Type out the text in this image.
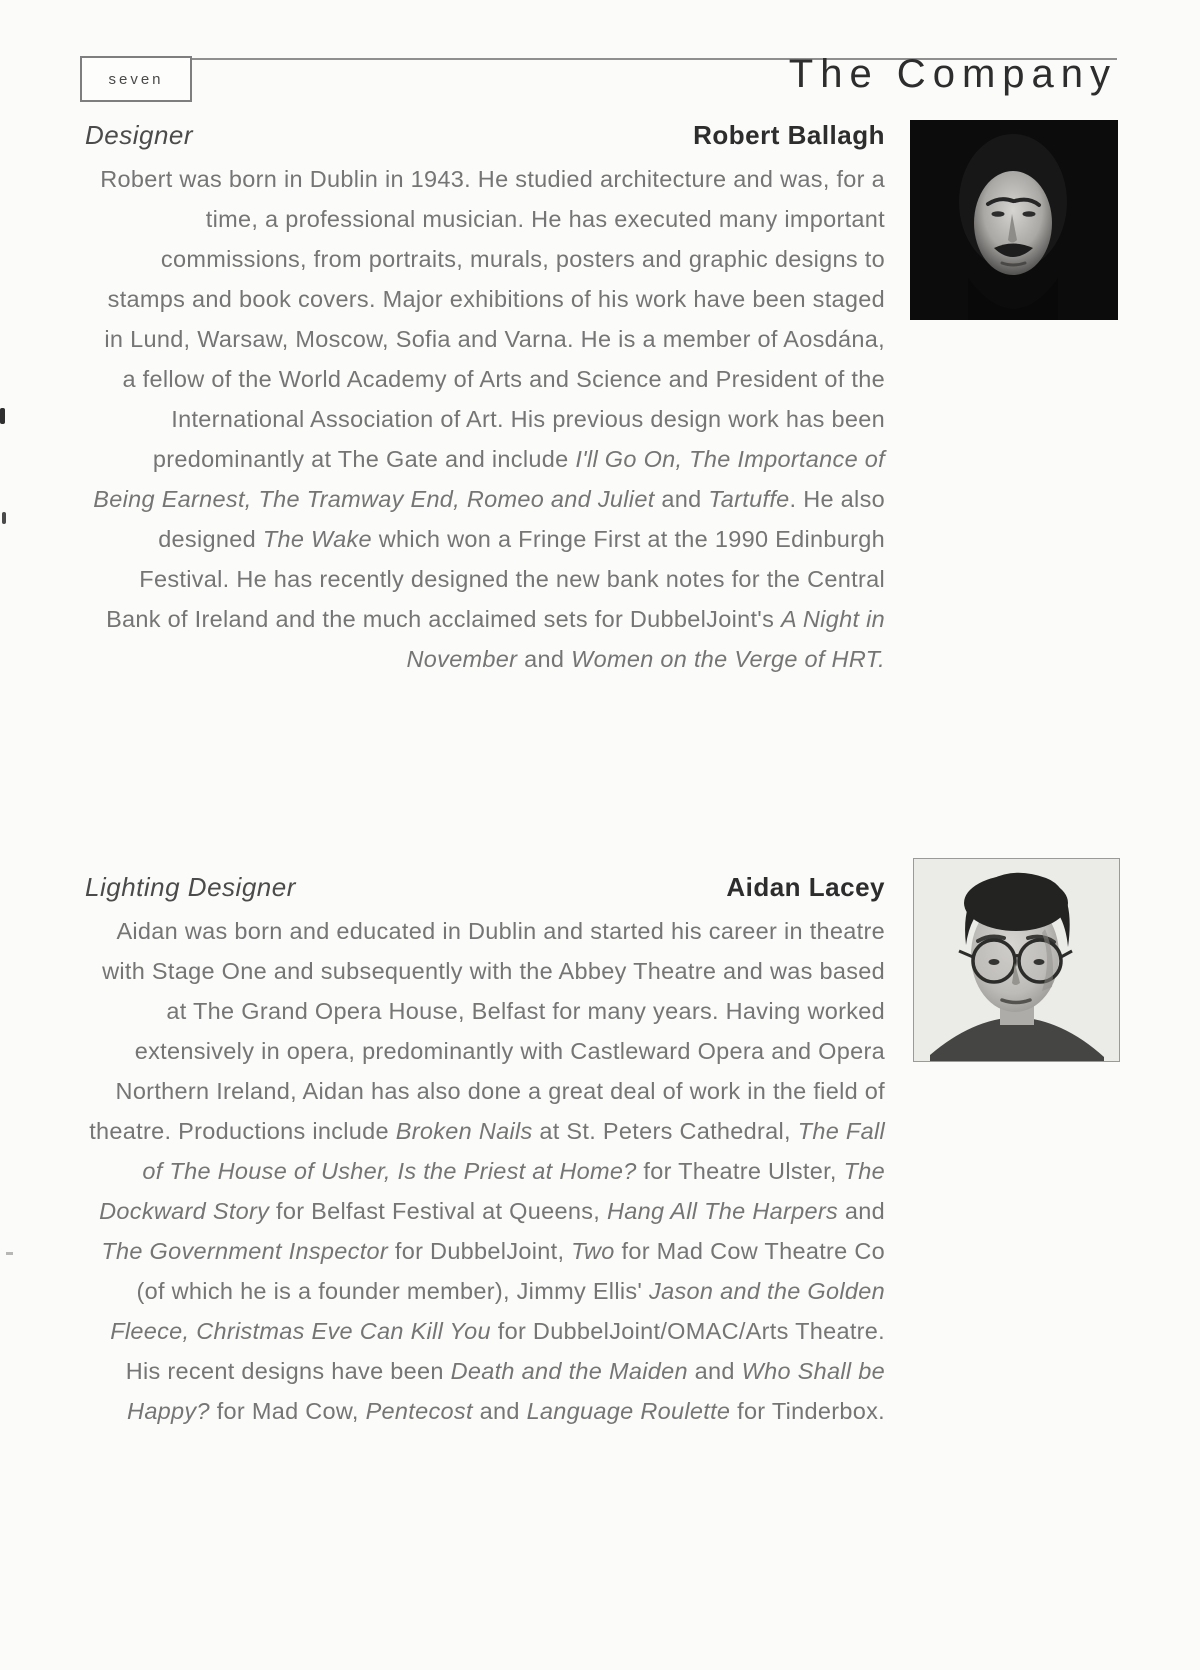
seven	The Company
Designer	Robert Ballagh

Robert was born in Dublin in 1943. He studied architecture and was, for a time, a professional musician. He has executed many important commissions, from portraits, murals, posters and graphic designs to stamps and book covers. Major exhibitions of his work have been staged in Lund, Warsaw, Moscow, Sofia and Varna. He is a member of Aosdána, a fellow of the World Academy of Arts and Science and President of the International Association of Art. His previous design work has been predominantly at The Gate and include I'll Go On, The Importance of Being Earnest, The Tramway End, Romeo and Juliet and Tartuffe. He also designed The Wake which won a Fringe First at the 1990 Edinburgh Festival. He has recently designed the new bank notes for the Central Bank of Ireland and the much acclaimed sets for DubbelJoint's A Night in November and Women on the Verge of HRT.

Lighting Designer	Aidan Lacey

Aidan was born and educated in Dublin and started his career in theatre with Stage One and subsequently with the Abbey Theatre and was based at The Grand Opera House, Belfast for many years. Having worked extensively in opera, predominantly with Castleward Opera and Opera Northern Ireland, Aidan has also done a great deal of work in the field of theatre. Productions include Broken Nails at St. Peters Cathedral, The Fall of The House of Usher, Is the Priest at Home? for Theatre Ulster, The Dockward Story for Belfast Festival at Queens, Hang All The Harpers and The Government Inspector for DubbelJoint, Two for Mad Cow Theatre Co (of which he is a founder member), Jimmy Ellis' Jason and the Golden Fleece, Christmas Eve Can Kill You for DubbelJoint/OMAC/Arts Theatre. His recent designs have been Death and the Maiden and Who Shall be Happy? for Mad Cow, Pentecost and Language Roulette for Tinderbox.
